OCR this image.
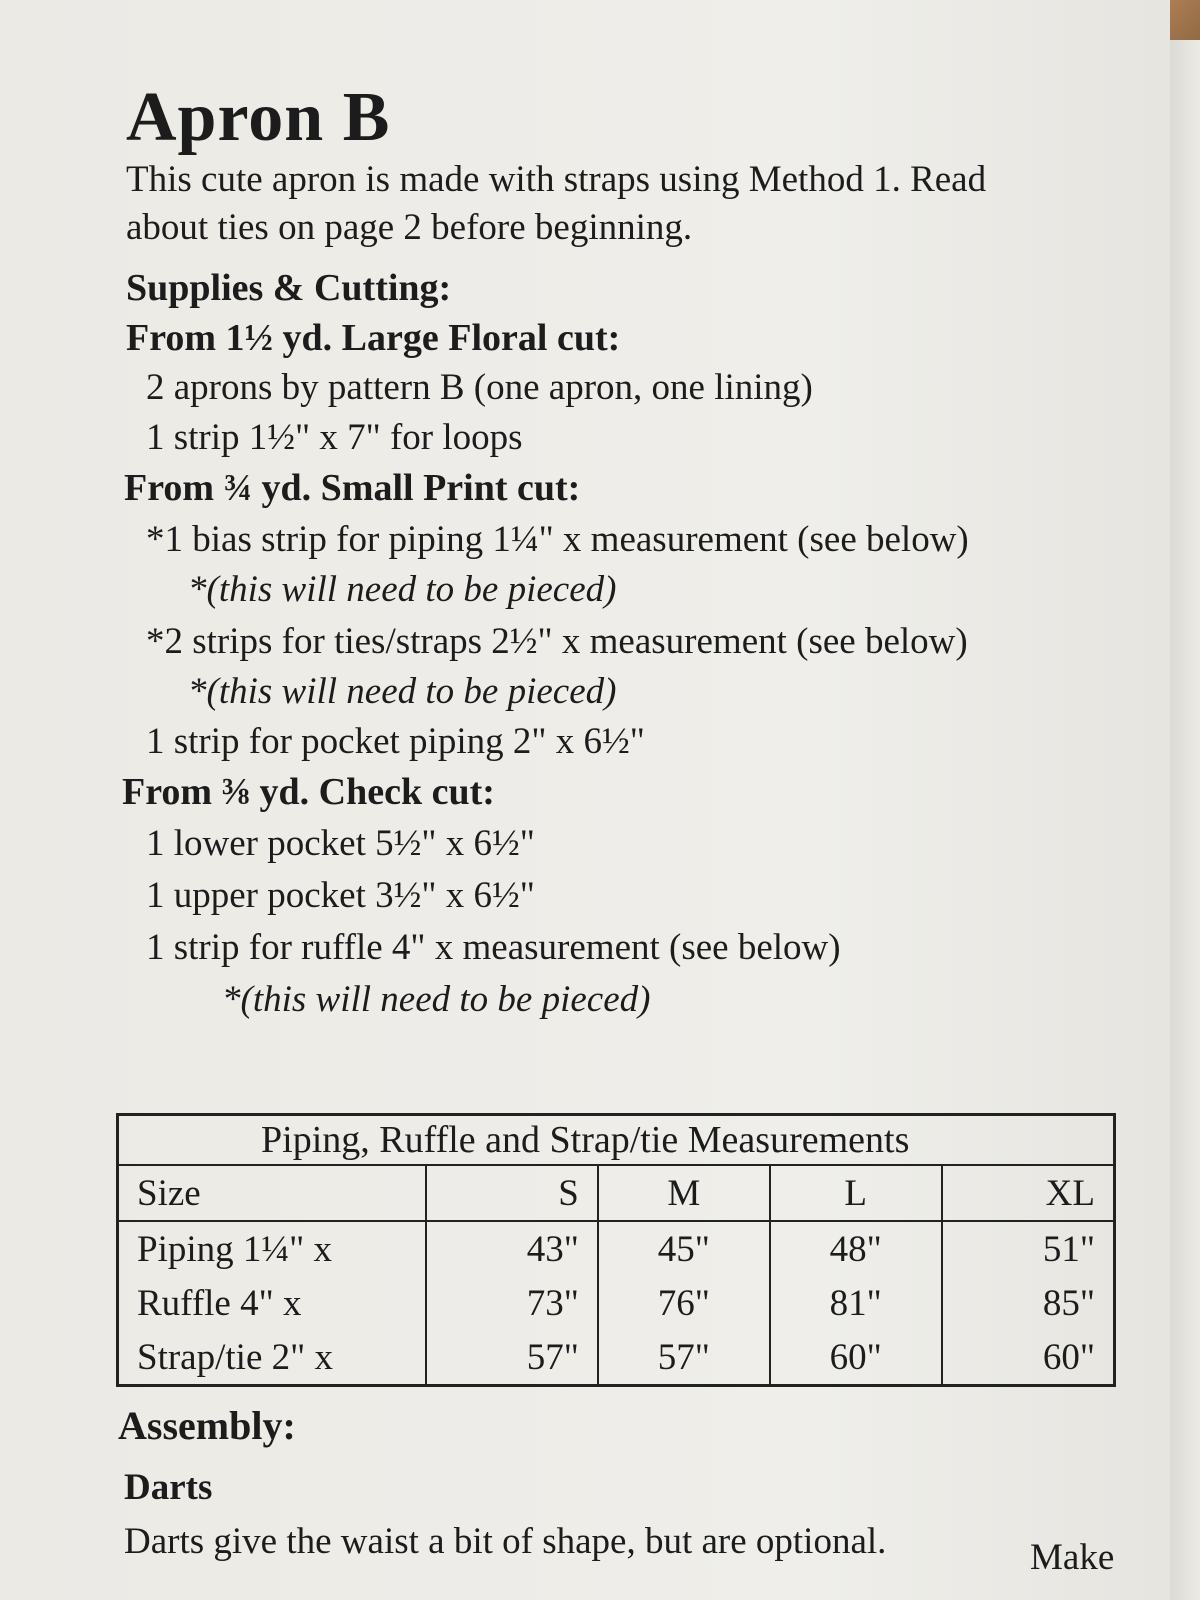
Apron B
This cute apron is made with straps using Method 1. Read
about ties on page 2 before beginning.
Supplies & Cutting:
From 1½ yd. Large Floral cut:
2 aprons by pattern B (one apron, one lining)
1 strip 1½" x 7" for loops
From ¾ yd. Small Print cut:
*1 bias strip for piping 1¼" x measurement (see below)
*(this will need to be pieced)
*2 strips for ties/straps 2½" x measurement (see below)
*(this will need to be pieced)
1 strip for pocket piping 2" x 6½"
From ⅜ yd. Check cut:
1 lower pocket 5½" x 6½"
1 upper pocket 3½" x 6½"
1 strip for ruffle 4" x measurement (see below)
*(this will need to be pieced)
Piping, Ruffle and Strap/tie Measurements				
Size	S	M	L	XL
Piping 1¼" x	43"	45"	48"	51"
Ruffle 4" x	73"	76"	81"	85"
Strap/tie 2" x	57"	57"	60"	60"
Assembly:
Darts
Darts give the waist a bit of shape, but are optional.	Make
